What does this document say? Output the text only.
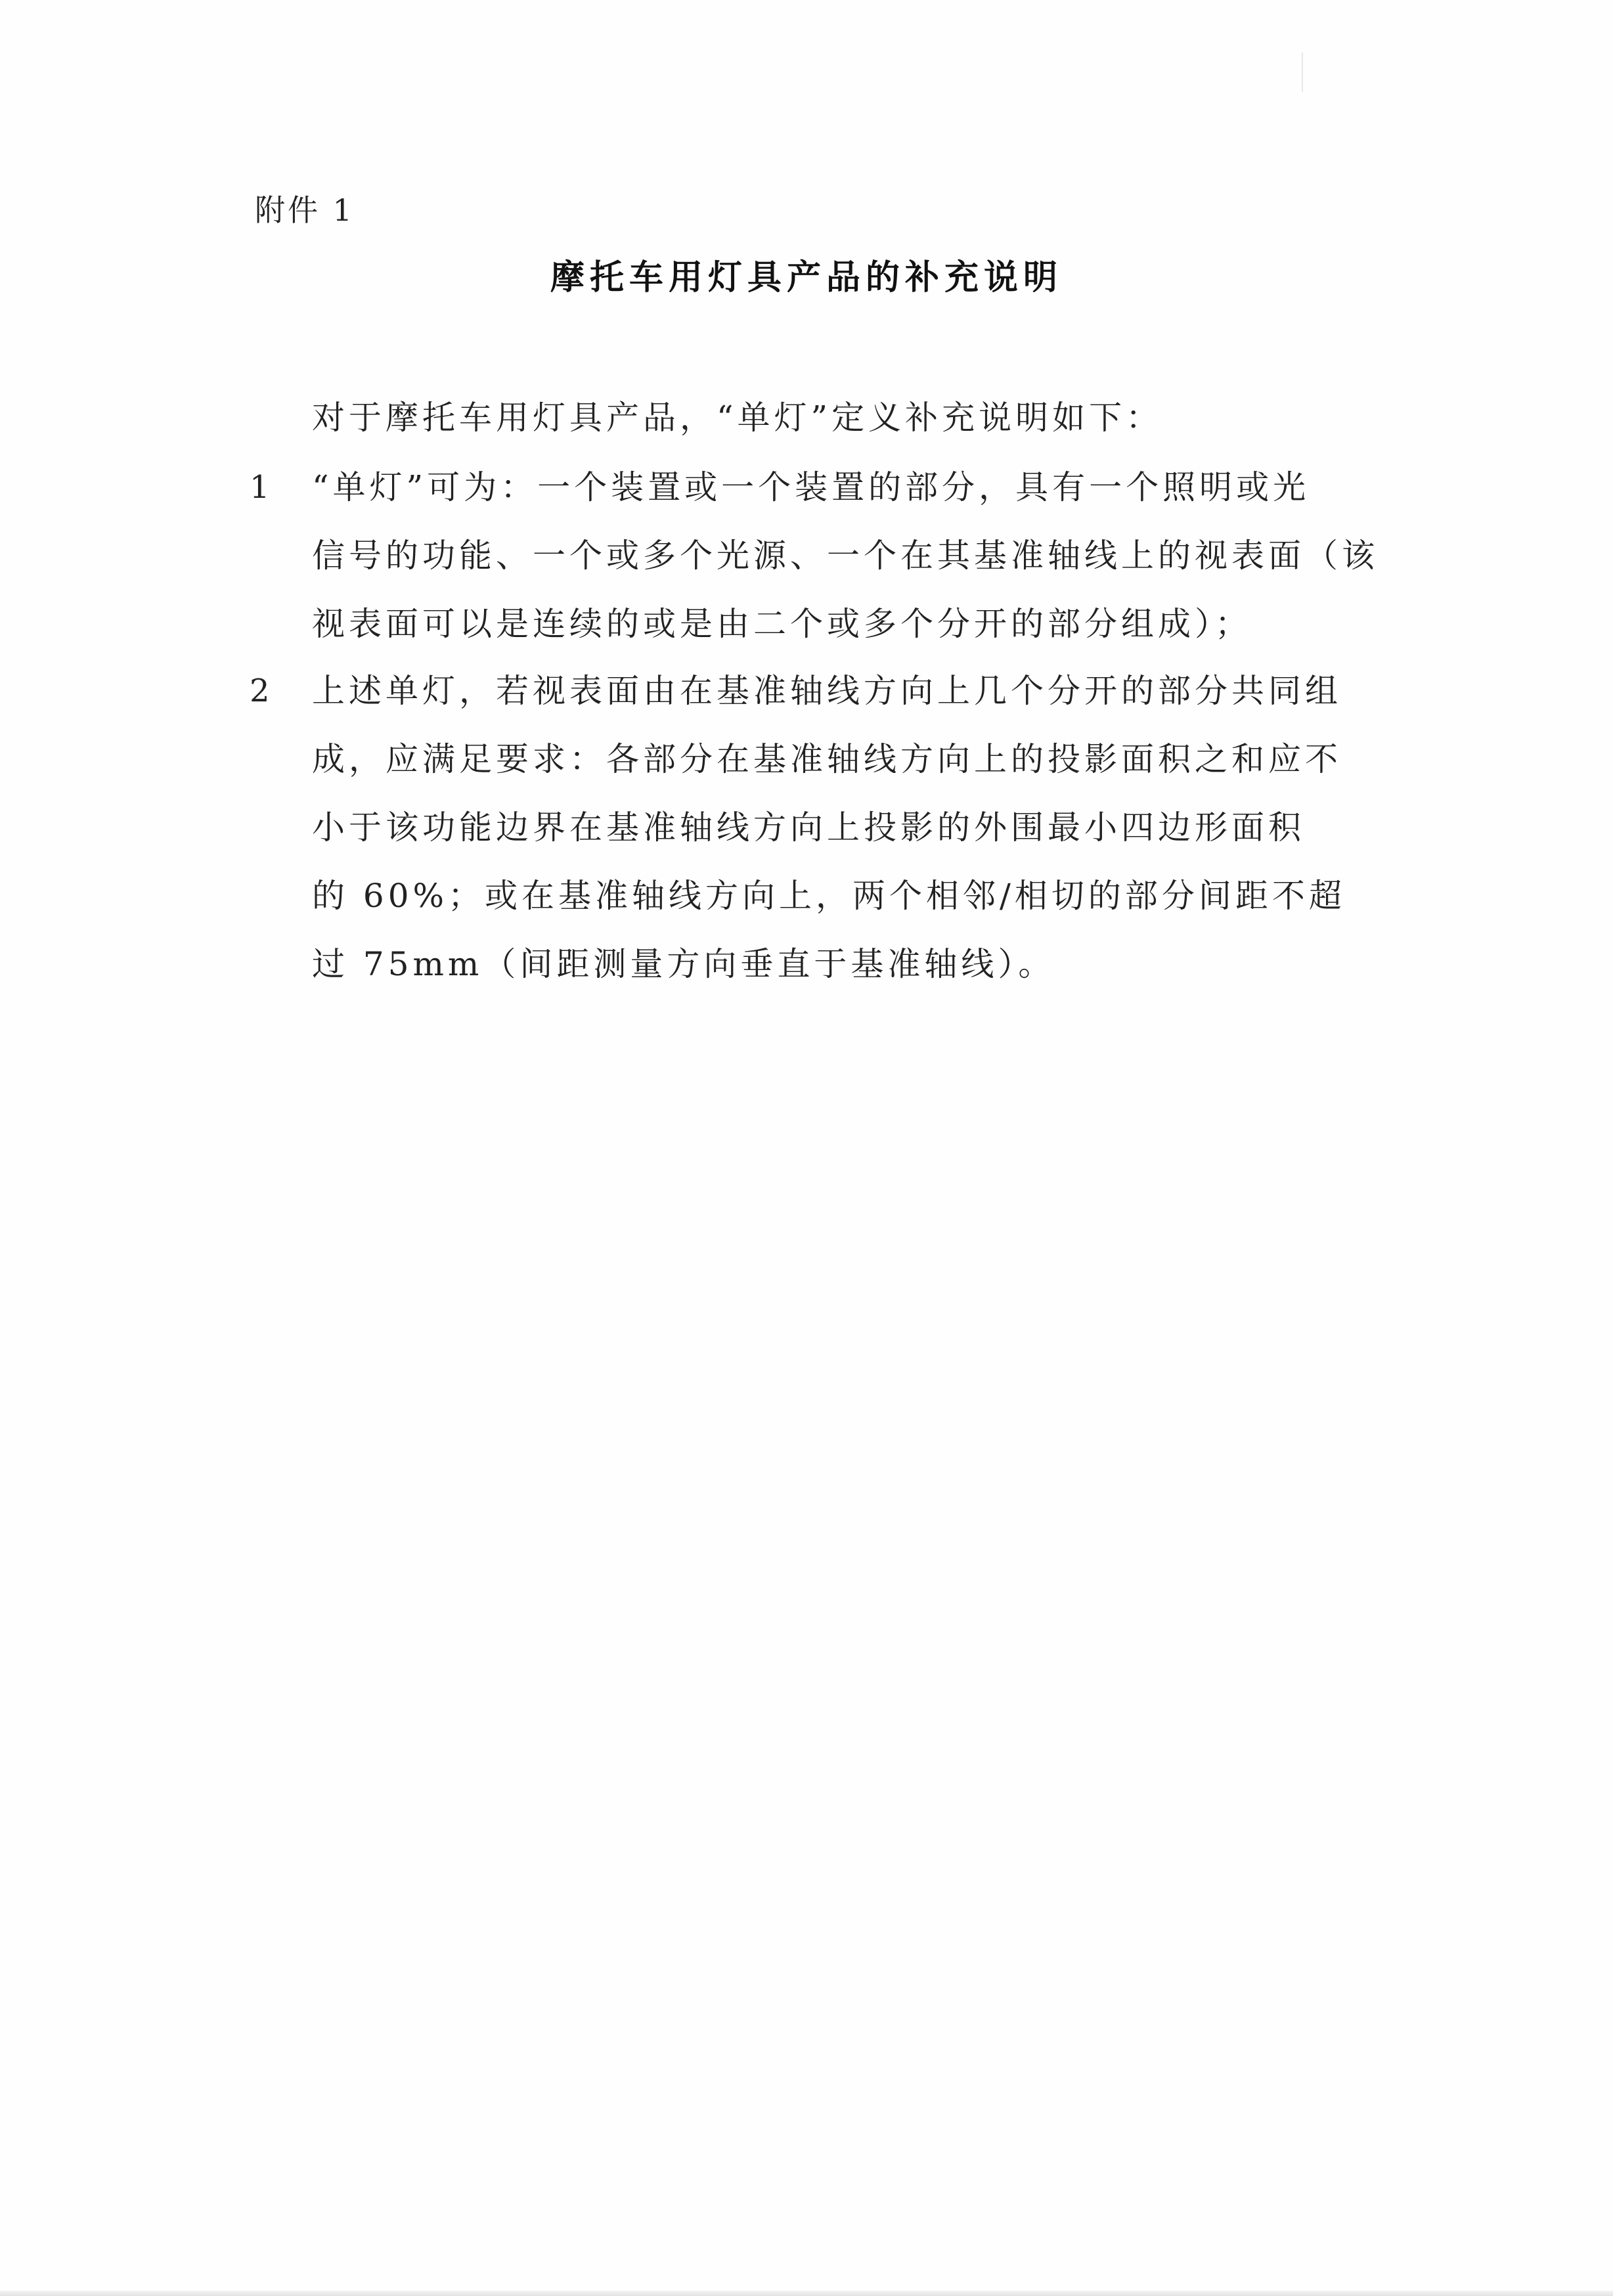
附件 1
摩托车用灯具产品的补充说明
对于摩托车用灯具产品，“单灯”定义补充说明如下：
1 “单灯”可为：一个装置或一个装置的部分，具有一个照明或光
信号的功能、一个或多个光源、一个在其基准轴线上的视表面（该
视表面可以是连续的或是由二个或多个分开的部分组成）；
2 上述单灯，若视表面由在基准轴线方向上几个分开的部分共同组
成，应满足要求：各部分在基准轴线方向上的投影面积之和应不
小于该功能边界在基准轴线方向上投影的外围最小四边形面积
的 60%；或在基准轴线方向上，两个相邻/相切的部分间距不超
过 75mm（间距测量方向垂直于基准轴线）。
